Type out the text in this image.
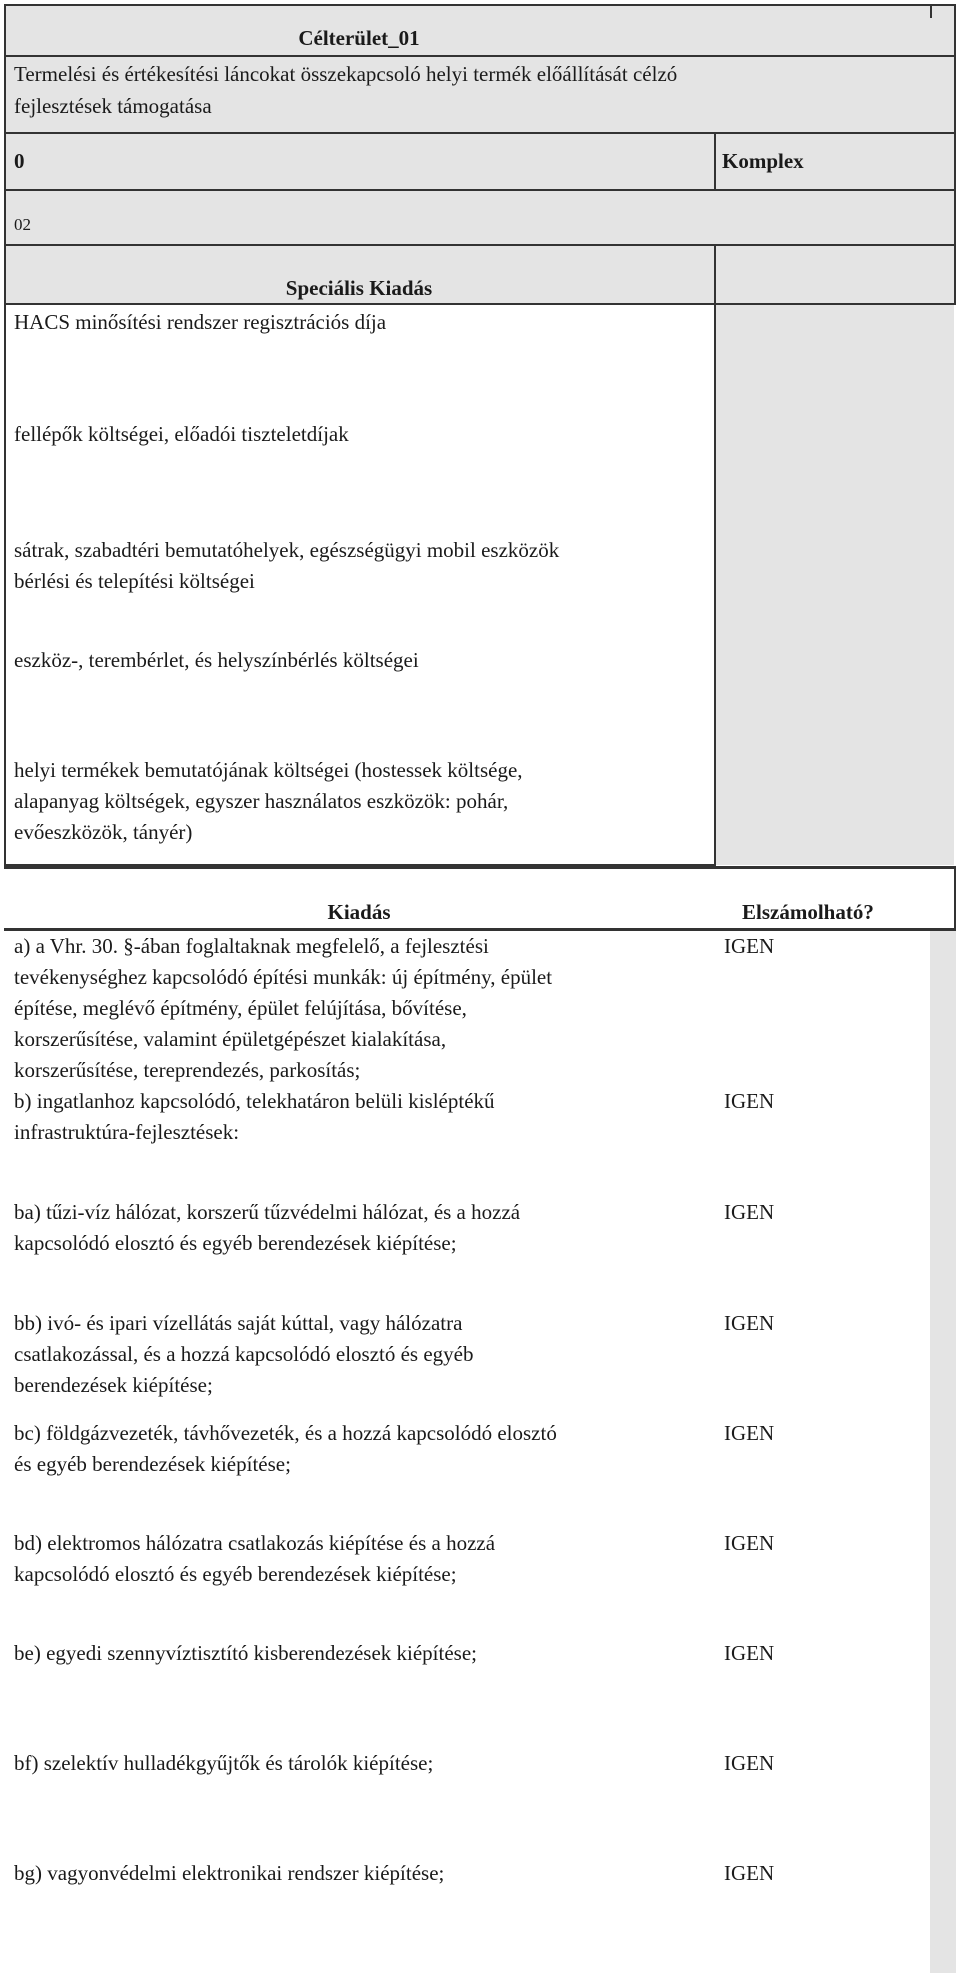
Célterület_01
Termelési és értékesítési láncokat összekapcsoló helyi termék előállítását célzó
fejlesztések támogatása
0	Komplex
02
Speciális Kiadás
HACS minősítési rendszer regisztrációs díja
fellépők költségei, előadói tiszteletdíjak
sátrak, szabadtéri bemutatóhelyek, egészségügyi mobil eszközök
bérlési és telepítési költségei
eszköz-, terembérlet, és helyszínbérlés költségei
helyi termékek bemutatójának költségei (hostessek költsége,
alapanyag költségek, egyszer használatos eszközök: pohár,
evőeszközök, tányér)
Kiadás	Elszámolható?
a) a Vhr. 30. §-ában foglaltaknak megfelelő, a fejlesztési
tevékenységhez kapcsolódó építési munkák: új építmény, épület
építése, meglévő építmény, épület felújítása, bővítése,
korszerűsítése, valamint épületgépészet kialakítása,
korszerűsítése, tereprendezés, parkosítás;
IGEN
b) ingatlanhoz kapcsolódó, telekhatáron belüli kisléptékű
infrastruktúra-fejlesztések:
IGEN
ba) tűzi-víz hálózat, korszerű tűzvédelmi hálózat, és a hozzá
kapcsolódó elosztó és egyéb berendezések kiépítése;
IGEN
bb) ivó- és ipari vízellátás saját kúttal, vagy hálózatra
csatlakozással, és a hozzá kapcsolódó elosztó és egyéb
berendezések kiépítése;
IGEN
bc) földgázvezeték, távhővezeték, és a hozzá kapcsolódó elosztó
és egyéb berendezések kiépítése;
IGEN
bd) elektromos hálózatra csatlakozás kiépítése és a hozzá
kapcsolódó elosztó és egyéb berendezések kiépítése;
IGEN
be) egyedi szennyvíztisztító kisberendezések kiépítése;	IGEN
bf) szelektív hulladékgyűjtők és tárolók kiépítése;	IGEN
bg) vagyonvédelmi elektronikai rendszer kiépítése;	IGEN
